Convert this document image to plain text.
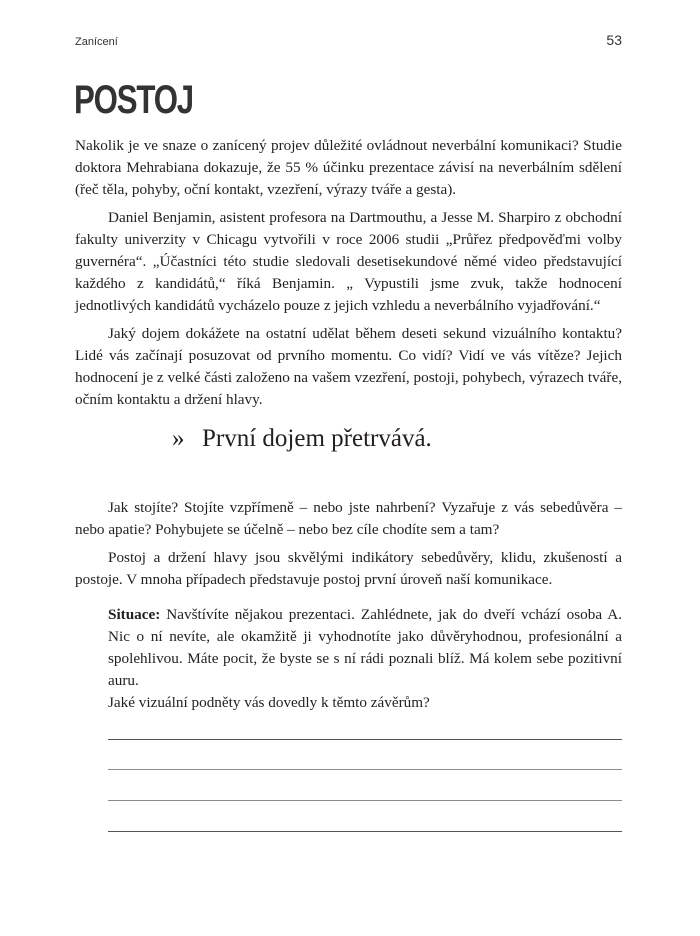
Zanícení	53
POSTOJ

Nakolik je ve snaze o zanícený projev důležité ovládnout neverbální komunikaci? Studie doktora Mehrabiana dokazuje, že 55 % účinku prezentace závisí na neverbálním sdělení (řeč těla, pohyby, oční kontakt, vzezření, výrazy tváře a gesta).

Daniel Benjamin, asistent profesora na Dartmouthu, a Jesse M. Sharpiro z obchodní fakulty univerzity v Chicagu vytvořili v roce 2006 studii „Průřez předpověďmi volby guvernéra“. „Účastníci této studie sledovali desetisekundové němé video představující každého z kandidátů,“ říká Benjamin. „ Vypustili jsme zvuk, takže hodnocení jednotlivých kandidátů vycházelo pouze z jejich vzhledu a neverbálního vyjadřování.“

Jaký dojem dokážete na ostatní udělat během deseti sekund vizuálního kontaktu? Lidé vás začínají posuzovat od prvního momentu. Co vidí? Vidí ve vás vítěze? Jejich hodnocení je z velké části založeno na vašem vzezření, postoji, pohybech, výrazech tváře, očním kontaktu a držení hlavy.

» První dojem přetrvává.

Jak stojíte? Stojíte vzpřímeně – nebo jste nahrbení? Vyzařuje z vás sebedůvěra – nebo apatie? Pohybujete se účelně – nebo bez cíle chodíte sem a tam?

Postoj a držení hlavy jsou skvělými indikátory sebedůvěry, klidu, zkušeností a postoje. V mnoha případech představuje postoj první úroveň naší komunikace.

Situace: Navštívíte nějakou prezentaci. Zahlédnete, jak do dveří vchází osoba A. Nic o ní nevíte, ale okamžitě ji vyhodnotíte jako důvěryhodnou, profesionální a spolehlivou. Máte pocit, že byste se s ní rádi poznali blíž. Má kolem sebe pozitivní auru.

Jaké vizuální podněty vás dovedly k těmto závěrům?
